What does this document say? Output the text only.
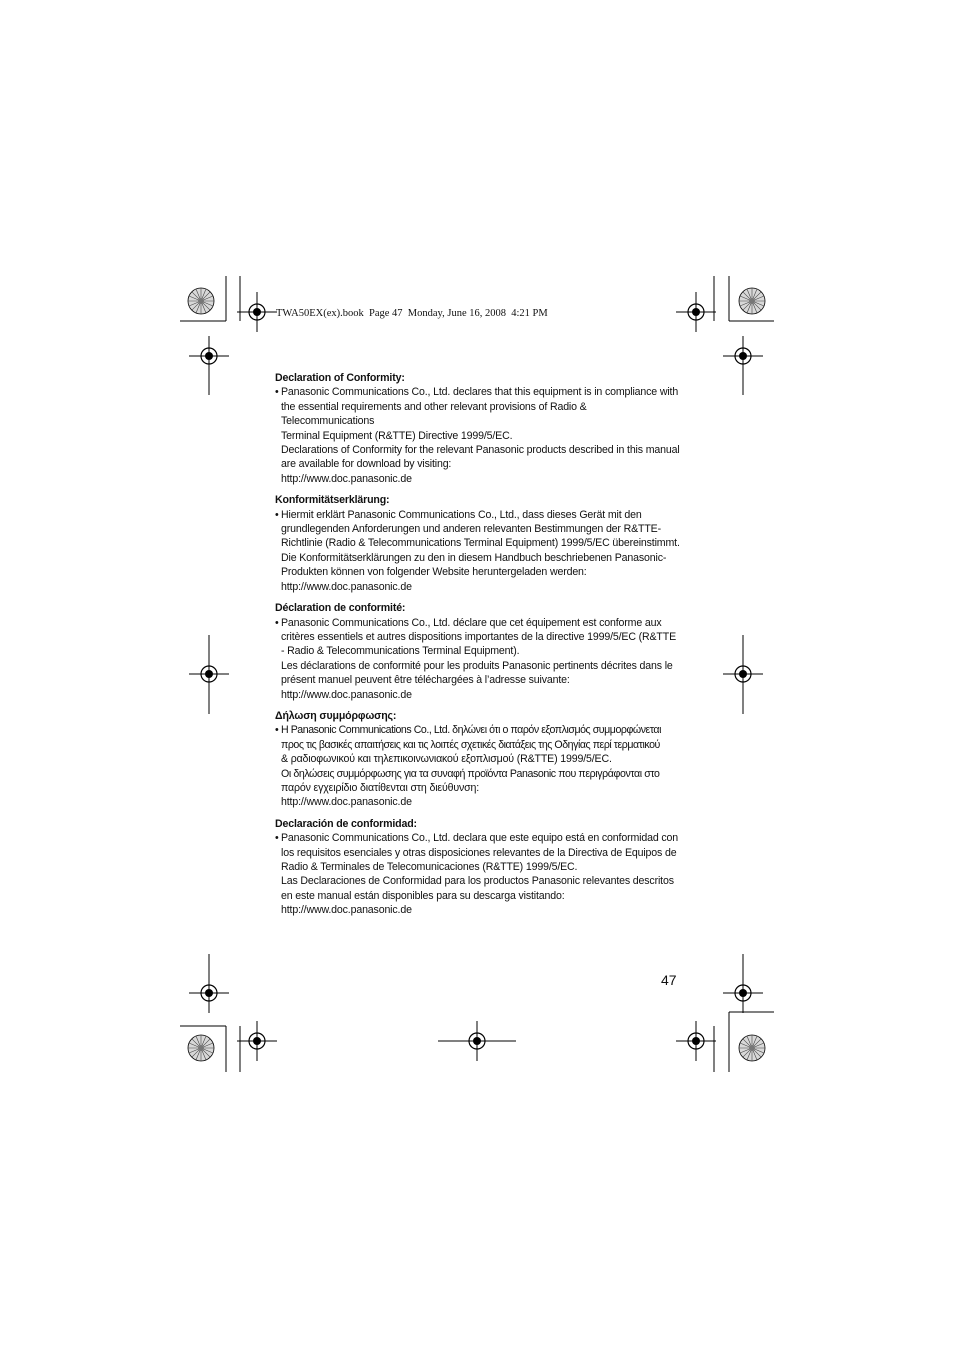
TWA50EX(ex).book  Page 47  Monday, June 16, 2008  4:21 PM
Declaration of Conformity:
• Panasonic Communications Co., Ltd. declares that this equipment is in compliance with
the essential requirements and other relevant provisions of Radio & Telecommunications
Terminal Equipment (R&TTE) Directive 1999/5/EC.
Declarations of Conformity for the relevant Panasonic products described in this manual
are available for download by visiting:
http://www.doc.panasonic.de
Konformitätserklärung:
• Hiermit erklärt Panasonic Communications Co., Ltd., dass dieses Gerät mit den
grundlegenden Anforderungen und anderen relevanten Bestimmungen der R&TTE-
Richtlinie (Radio & Telecommunications Terminal Equipment) 1999/5/EC übereinstimmt.
Die Konformitätserklärungen zu den in diesem Handbuch beschriebenen Panasonic-
Produkten können von folgender Website heruntergeladen werden:
http://www.doc.panasonic.de
Déclaration de conformité:
• Panasonic Communications Co., Ltd. déclare que cet équipement est conforme aux
critères essentiels et autres dispositions importantes de la directive 1999/5/EC (R&TTE
- Radio & Telecommunications Terminal Equipment).
Les déclarations de conformité pour les produits Panasonic pertinents décrites dans le
présent manuel peuvent être téléchargées à l’adresse suivante:
http://www.doc.panasonic.de
Δήλωση συμμόρφωσης:
• Η Panasonic Communications Co., Ltd. δηλώνει ότι ο παρόν εξοπλισμός συμμορφώνεται
προς τις βασικές απαιτήσεις και τις λοιπές σχετικές διατάξεις της Οδηγίας περί τερματικού
& ραδιοφωνικού και τηλεπικοινωνιακού εξοπλισμού (R&TTE) 1999/5/EC.
Οι δηλώσεις συμμόρφωσης για τα συναφή προϊόντα Panasonic που περιγράφονται στο
παρόν εγχειρίδιο διατίθενται στη διεύθυνση:
http://www.doc.panasonic.de
Declaración de conformidad:
• Panasonic Communications Co., Ltd. declara que este equipo está en conformidad con
los requisitos esenciales y otras disposiciones relevantes de la Directiva de Equipos de
Radio & Terminales de Telecomunicaciones (R&TTE) 1999/5/EC.
Las Declaraciones de Conformidad para los productos Panasonic relevantes descritos
en este manual están disponibles para su descarga vistitando:
http://www.doc.panasonic.de
47
